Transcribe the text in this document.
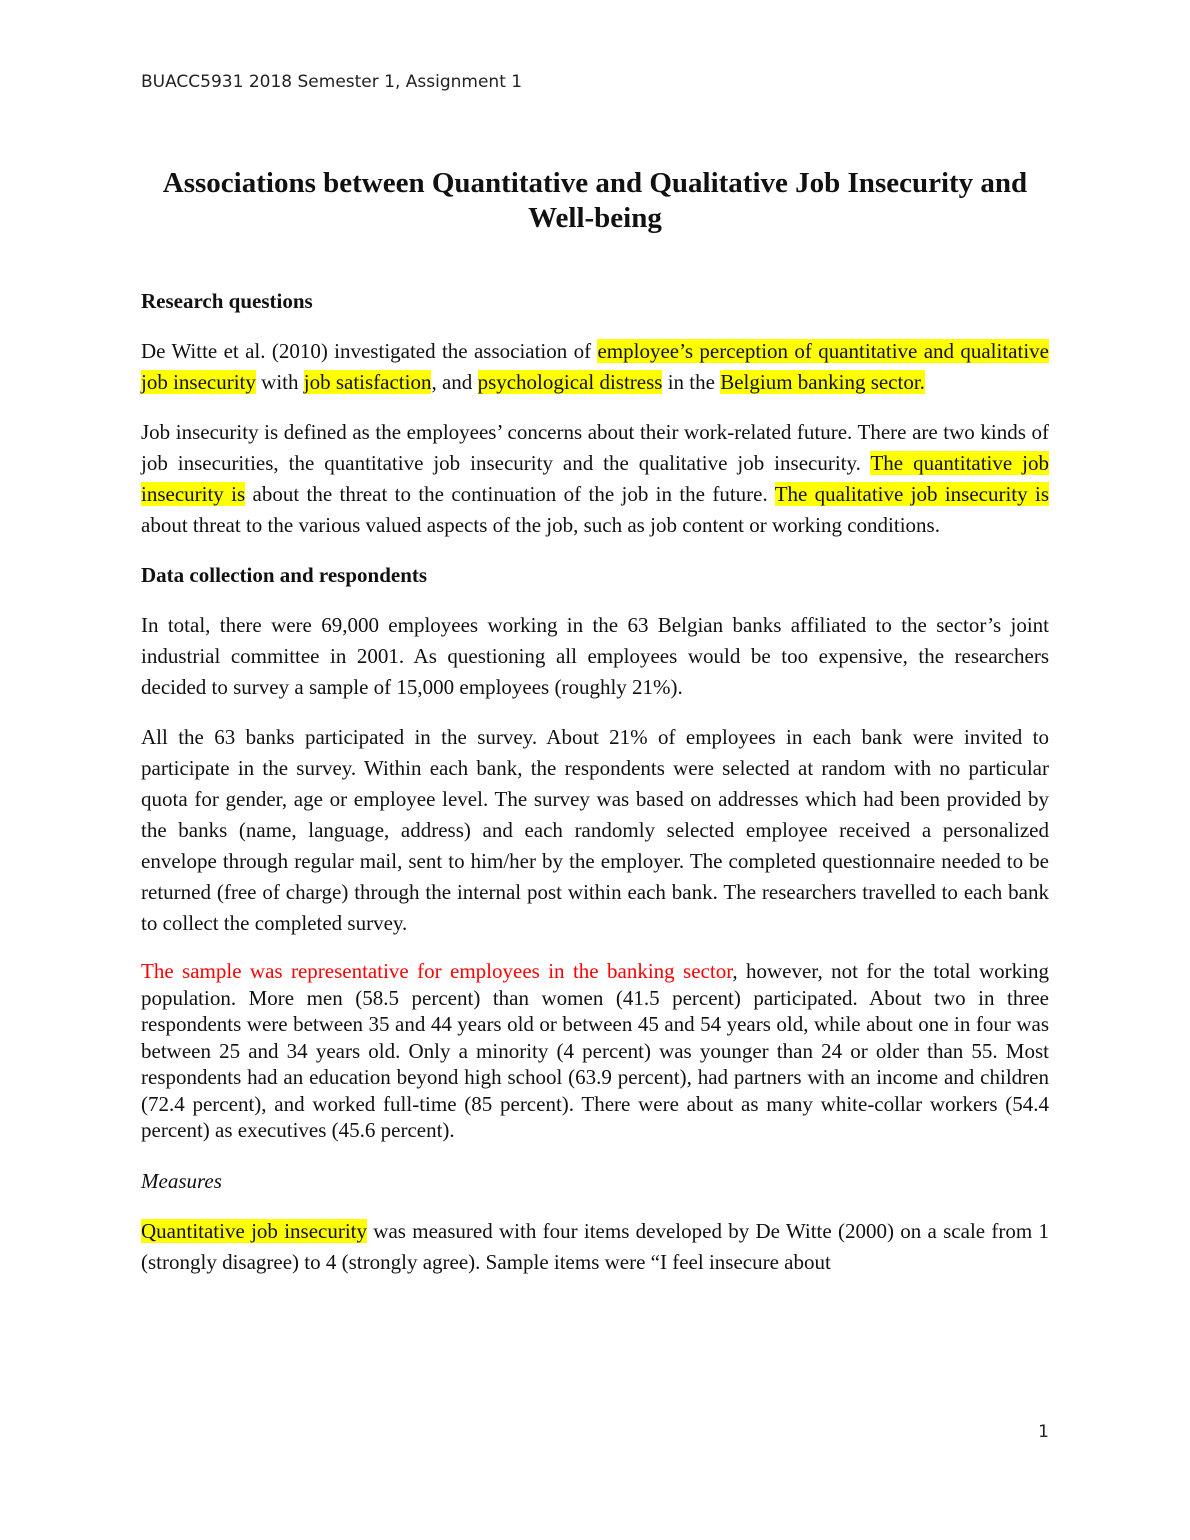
BUACC5931 2018 Semester 1, Assignment 1
Associations between Quantitative and Qualitative Job Insecurity and Well-being
Research questions

De Witte et al. (2010) investigated the association of employee’s perception of quantitative and qualitative job insecurity with job satisfaction, and psychological distress in the Belgium banking sector.

Job insecurity is defined as the employees’ concerns about their work-related future. There are two kinds of job insecurities, the quantitative job insecurity and the qualitative job insecurity. The quantitative job insecurity is about the threat to the continuation of the job in the future. The qualitative job insecurity is about threat to the various valued aspects of the job, such as job content or working conditions.

Data collection and respondents

In total, there were 69,000 employees working in the 63 Belgian banks affiliated to the sector’s joint industrial committee in 2001. As questioning all employees would be too expensive, the researchers decided to survey a sample of 15,000 employees (roughly 21%).

All the 63 banks participated in the survey. About 21% of employees in each bank were invited to participate in the survey. Within each bank, the respondents were selected at random with no particular quota for gender, age or employee level. The survey was based on addresses which had been provided by the banks (name, language, address) and each randomly selected employee received a personalized envelope through regular mail, sent to him/her by the employer. The completed questionnaire needed to be returned (free of charge) through the internal post within each bank. The researchers travelled to each bank to collect the completed survey.

The sample was representative for employees in the banking sector, however, not for the total working population. More men (58.5 percent) than women (41.5 percent) participated. About two in three respondents were between 35 and 44 years old or between 45 and 54 years old, while about one in four was between 25 and 34 years old. Only a minority (4 percent) was younger than 24 or older than 55. Most respondents had an education beyond high school (63.9 percent), had partners with an income and children (72.4 percent), and worked full-time (85 percent). There were about as many white-collar workers (54.4 percent) as executives (45.6 percent).

Measures

Quantitative job insecurity was measured with four items developed by De Witte (2000) on a scale from 1 (strongly disagree) to 4 (strongly agree). Sample items were “I feel insecure about

1
